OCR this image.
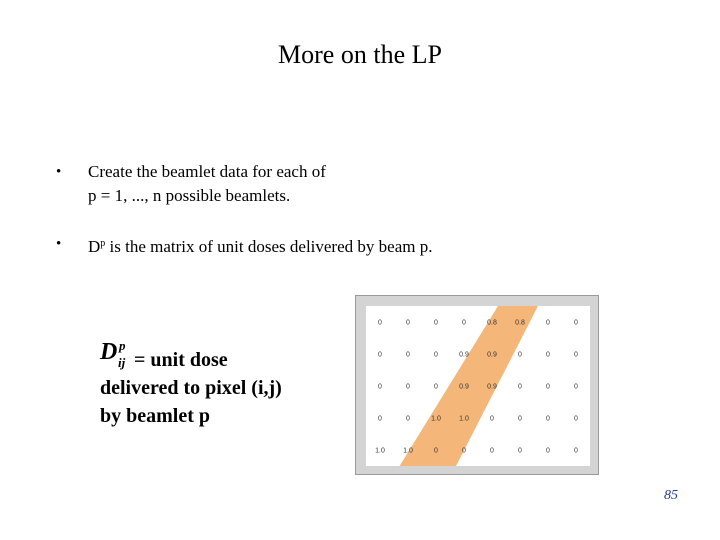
More on the LP
• Create the beamlet data for each of
p = 1, ..., n possible beamlets.
• $D^p$ is the matrix of unit doses delivered by beam p.
D p
ij = unit dose
delivered to pixel (i,j)
by beamlet p
0	0	0	0	0.8	0.8	0	0
0	0	0	0.9	0.9	0	0	0
0	0	0	0.9	0.9	0	0	0
0	0	1.0	1.0	0	0	0	0
1.0	1.0	0	0	0	0	0	0
85
